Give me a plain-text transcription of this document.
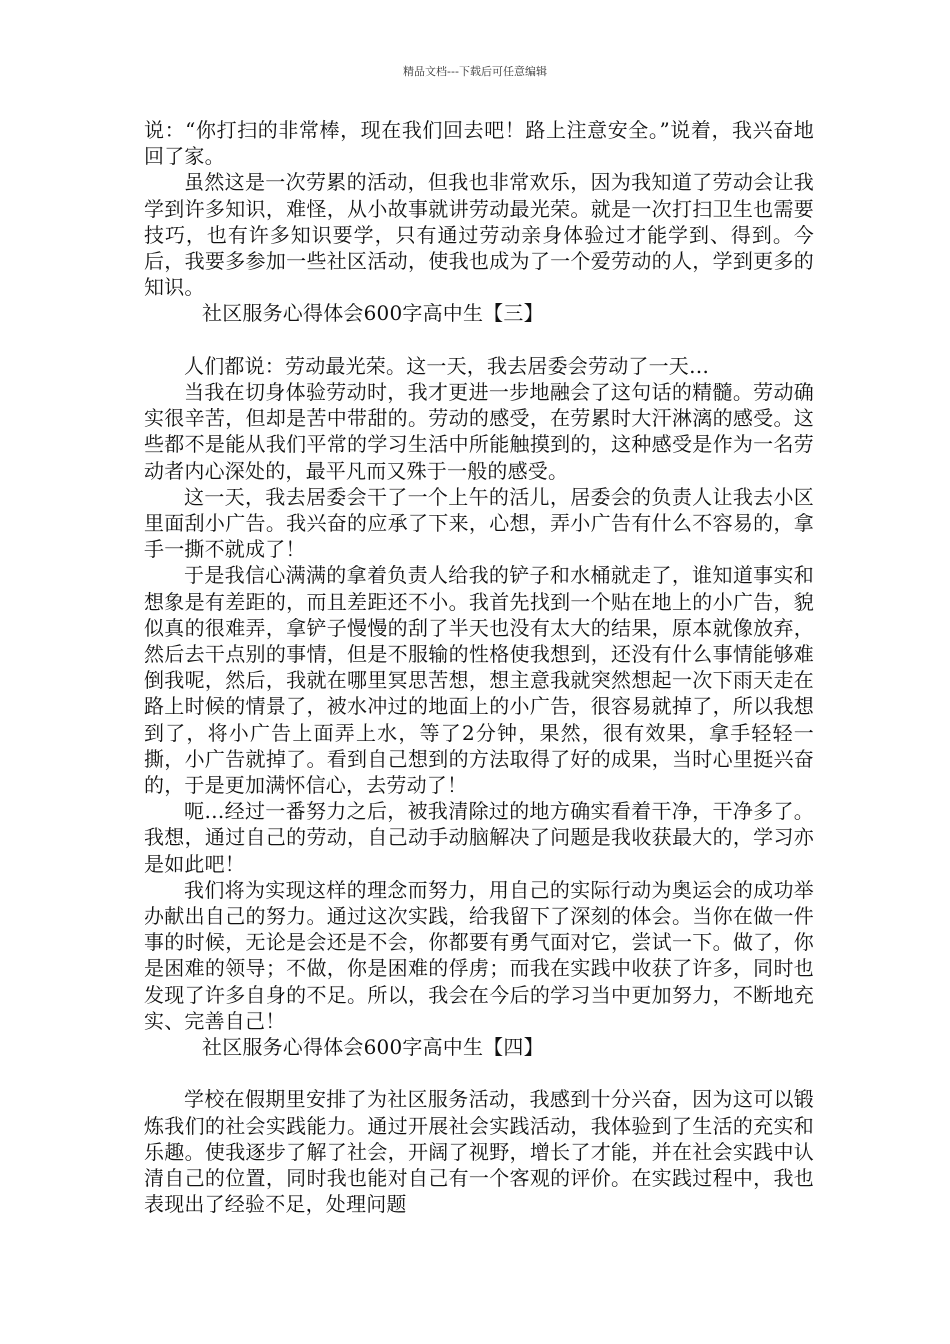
精品文档---下载后可任意编辑

说：“你打扫的非常棒，现在我们回去吧！路上注意安全。”说着，我兴奋地回了家。

虽然这是一次劳累的活动，但我也非常欢乐，因为我知道了劳动会让我学到许多知识，难怪，从小故事就讲劳动最光荣。就是一次打扫卫生也需要技巧，也有许多知识要学，只有通过劳动亲身体验过才能学到、得到。今后，我要多参加一些社区活动，使我也成为了一个爱劳动的人，学到更多的知识。

社区服务心得体会600字高中生【三】

人们都说：劳动最光荣。这一天，我去居委会劳动了一天…

当我在切身体验劳动时，我才更进一步地融会了这句话的精髓。劳动确实很辛苦，但却是苦中带甜的。劳动的感受，在劳累时大汗淋漓的感受。这些都不是能从我们平常的学习生活中所能触摸到的，这种感受是作为一名劳动者内心深处的，最平凡而又殊于一般的感受。

这一天，我去居委会干了一个上午的活儿，居委会的负责人让我去小区里面刮小广告。我兴奋的应承了下来，心想，弄小广告有什么不容易的，拿手一撕不就成了！

于是我信心满满的拿着负责人给我的铲子和水桶就走了，谁知道事实和想象是有差距的，而且差距还不小。我首先找到一个贴在地上的小广告，貌似真的很难弄，拿铲子慢慢的刮了半天也没有太大的结果，原本就像放弃，然后去干点别的事情，但是不服输的性格使我想到，还没有什么事情能够难倒我呢，然后，我就在哪里冥思苦想，想主意我就突然想起一次下雨天走在路上时候的情景了，被水冲过的地面上的小广告，很容易就掉了，所以我想到了，将小广告上面弄上水，等了2分钟，果然，很有效果，拿手轻轻一撕，小广告就掉了。看到自己想到的方法取得了好的成果，当时心里挺兴奋的，于是更加满怀信心，去劳动了！

呃…经过一番努力之后，被我清除过的地方确实看着干净，干净多了。我想，通过自己的劳动，自己动手动脑解决了问题是我收获最大的，学习亦是如此吧！

我们将为实现这样的理念而努力，用自己的实际行动为奥运会的成功举办献出自己的努力。通过这次实践，给我留下了深刻的体会。当你在做一件事的时候，无论是会还是不会，你都要有勇气面对它，尝试一下。做了，你是困难的领导；不做，你是困难的俘虏；而我在实践中收获了许多，同时也发现了许多自身的不足。所以，我会在今后的学习当中更加努力，不断地充实、完善自己！

社区服务心得体会600字高中生【四】

学校在假期里安排了为社区服务活动，我感到十分兴奋，因为这可以锻炼我们的社会实践能力。通过开展社会实践活动，我体验到了生活的充实和乐趣。使我逐步了解了社会，开阔了视野，增长了才能，并在社会实践中认清自己的位置，同时我也能对自己有一个客观的评价。在实践过程中，我也表现出了经验不足，处理问题
